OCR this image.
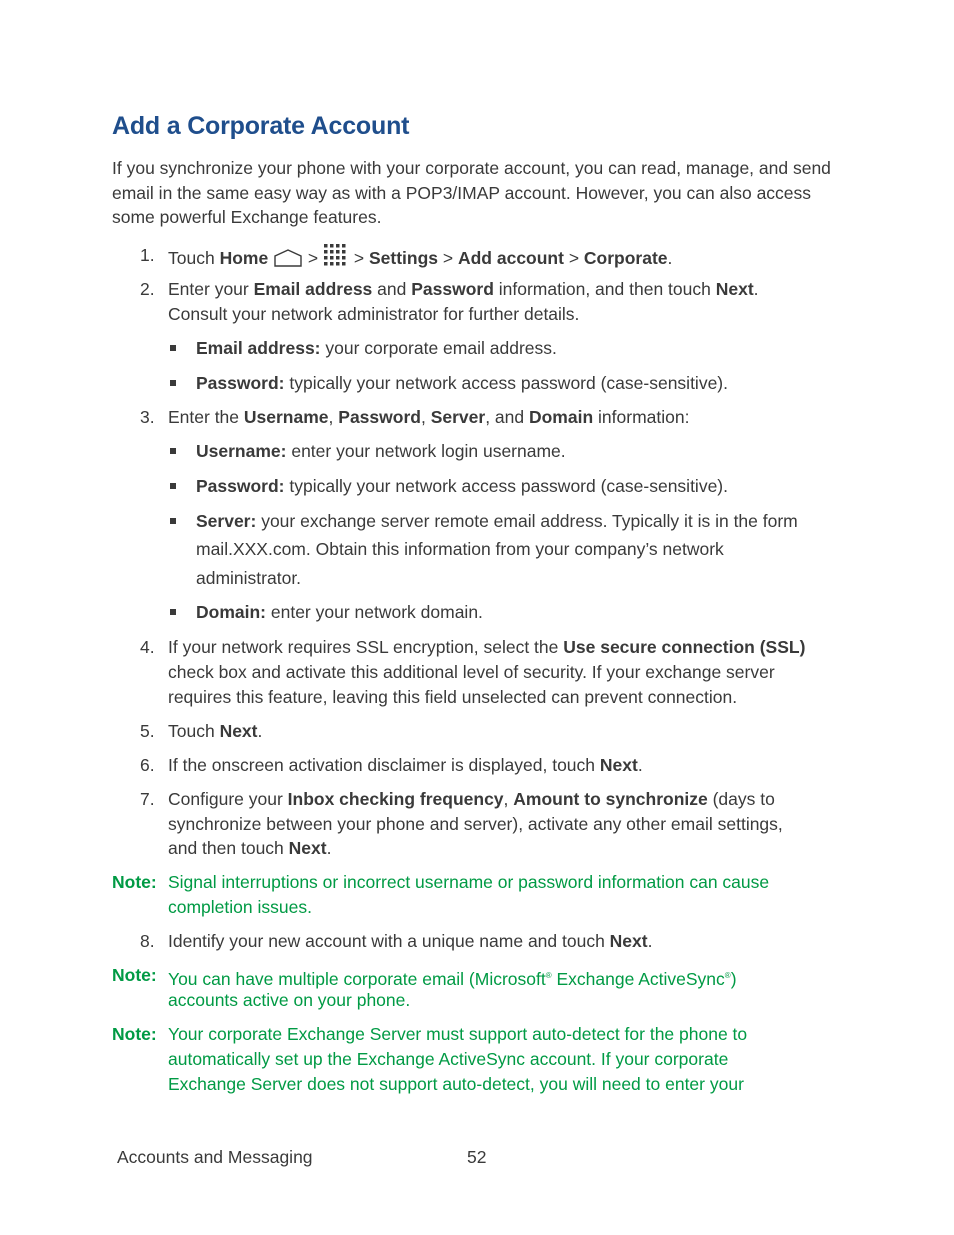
Add a Corporate Account

If you synchronize your phone with your corporate account, you can read, manage, and send email in the same easy way as with a POP3/IMAP account. However, you can also access some powerful Exchange features.

1. Touch Home  >  > Settings > Add account > Corporate.
2. Enter your Email address and Password information, and then touch Next.
Consult your network administrator for further details.
Email address: your corporate email address.
Password: typically your network access password (case-sensitive).
3. Enter the Username, Password, Server, and Domain information:
Username: enter your network login username.
Password: typically your network access password (case-sensitive).
Server: your exchange server remote email address. Typically it is in the form
mail.XXX.com. Obtain this information from your company’s network
administrator.
Domain: enter your network domain.
4. If your network requires SSL encryption, select the Use secure connection (SSL)
check box and activate this additional level of security. If your exchange server
requires this feature, leaving this field unselected can prevent connection.
5. Touch Next.
6. If the onscreen activation disclaimer is displayed, touch Next.
7. Configure your Inbox checking frequency, Amount to synchronize (days to
synchronize between your phone and server), activate any other email settings,
and then touch Next.
Note: Signal interruptions or incorrect username or password information can cause
completion issues.
8. Identify your new account with a unique name and touch Next.
Note: You can have multiple corporate email (Microsoft® Exchange ActiveSync®)
accounts active on your phone.
Note: Your corporate Exchange Server must support auto-detect for the phone to
automatically set up the Exchange ActiveSync account. If your corporate
Exchange Server does not support auto-detect, you will need to enter your
Accounts and Messaging	52
